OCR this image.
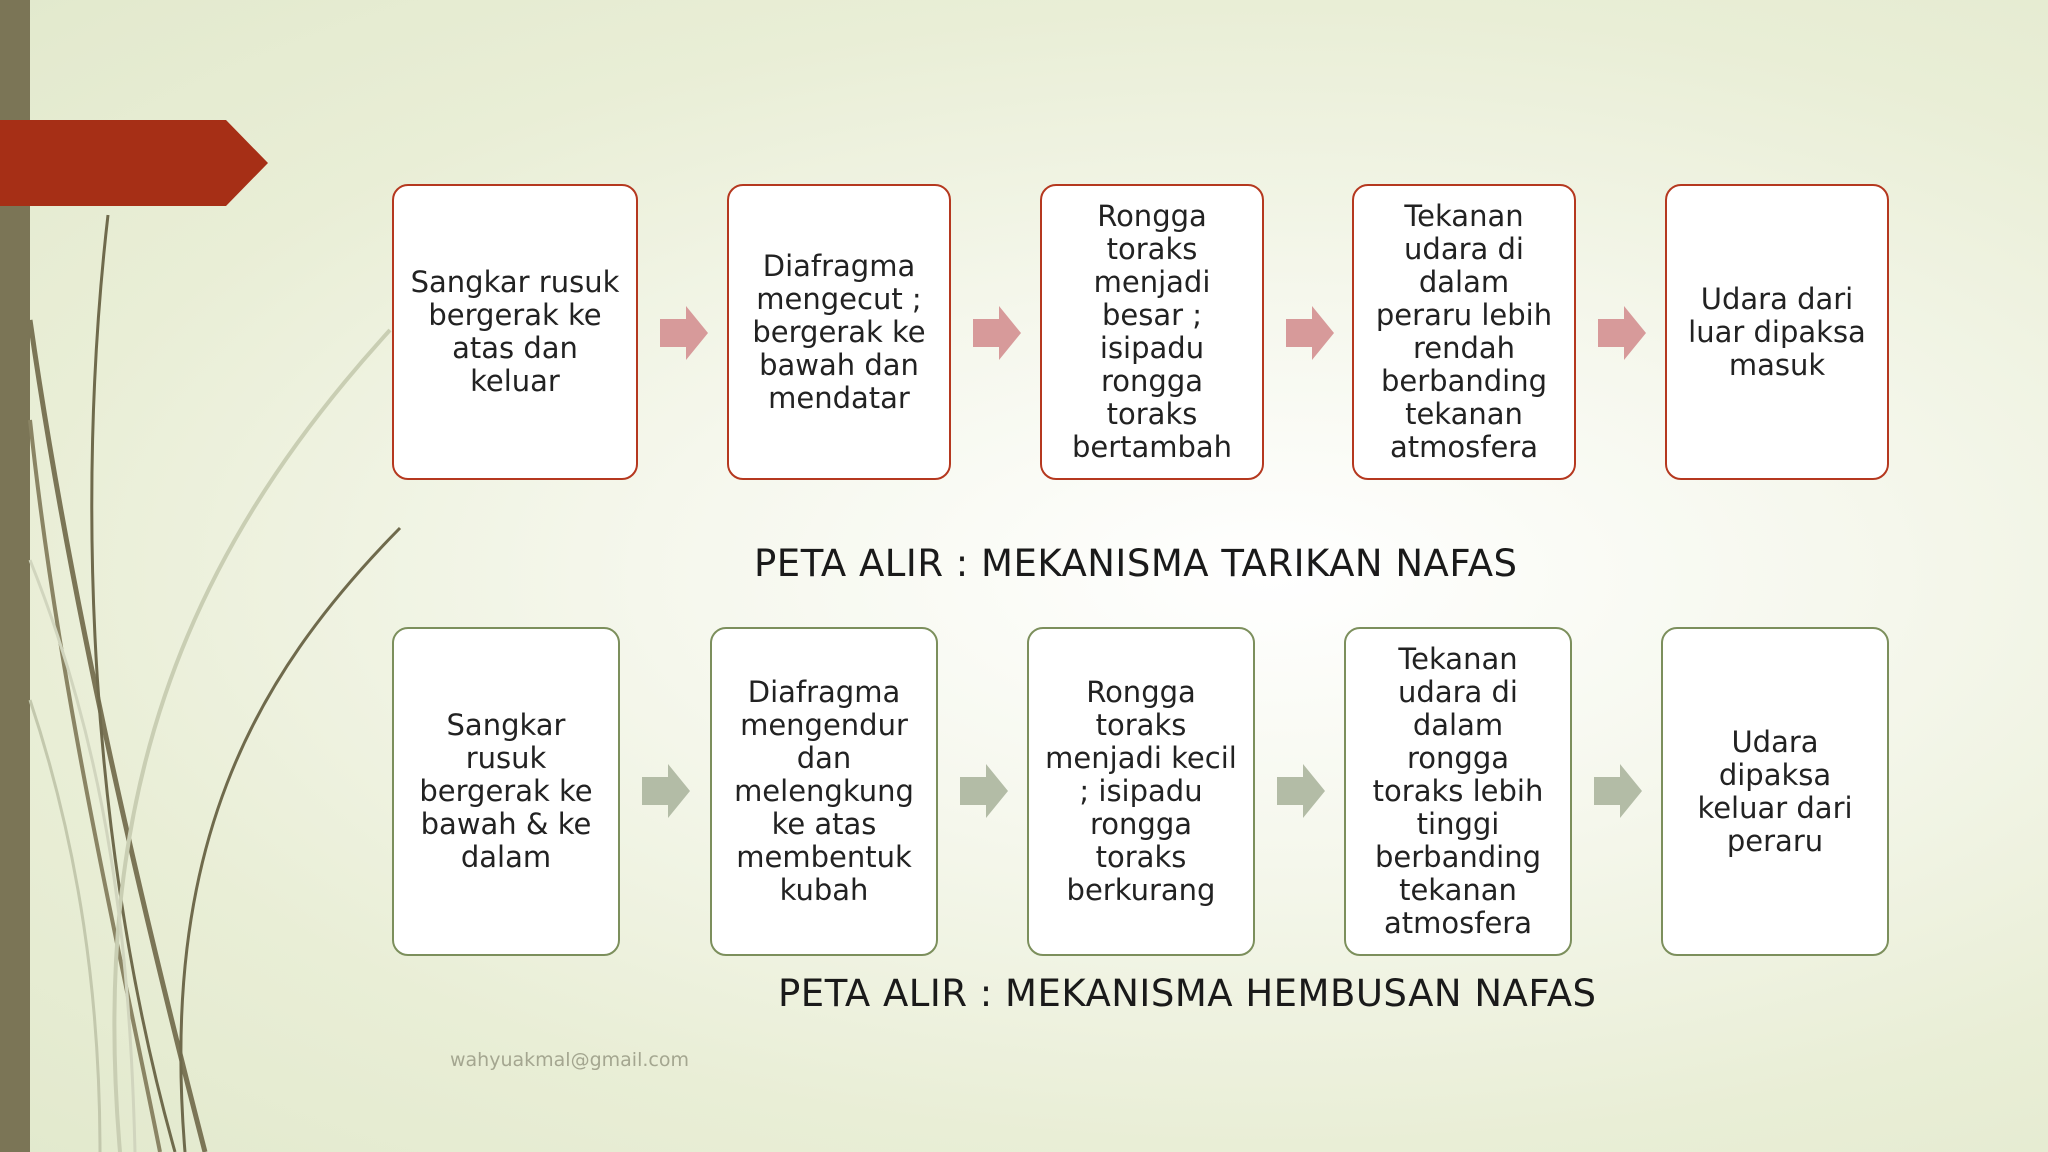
Sangkar rusuk
bergerak ke
atas dan
keluar
Diafragma
mengecut ;
bergerak ke
bawah dan
mendatar
Rongga
toraks
menjadi
besar ;
isipadu
rongga
toraks
bertambah
Tekanan
udara di
dalam
peraru lebih
rendah
berbanding
tekanan
atmosfera
Udara dari
luar dipaksa
masuk
PETA ALIR : MEKANISMA TARIKAN NAFAS
Sangkar
rusuk
bergerak ke
bawah & ke
dalam
Diafragma
mengendur
dan
melengkung
ke atas
membentuk
kubah
Rongga
toraks
menjadi kecil
; isipadu
rongga
toraks
berkurang
Tekanan
udara di
dalam
rongga
toraks lebih
tinggi
berbanding
tekanan
atmosfera
Udara
dipaksa
keluar dari
peraru
PETA ALIR : MEKANISMA HEMBUSAN NAFAS
wahyuakmal@gmail.com
